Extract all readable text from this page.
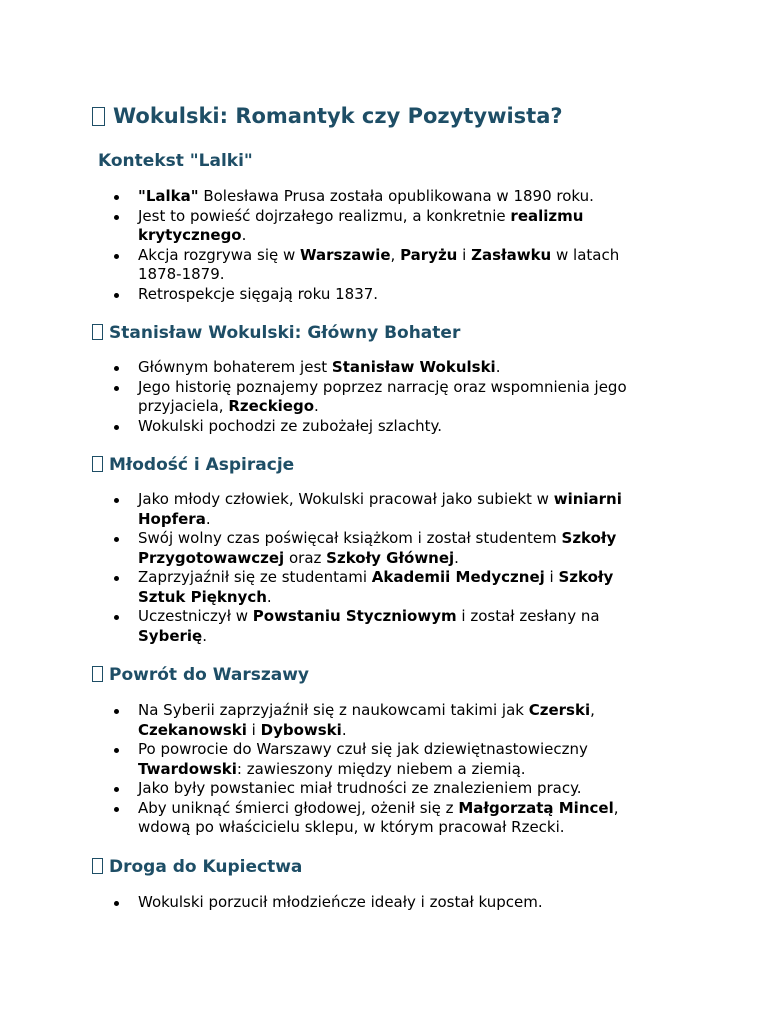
Wokulski: Romantyk czy Pozytywista?
Kontekst "Lalki"
"Lalka" Bolesława Prusa została opublikowana w 1890 roku.
Jest to powieść dojrzałego realizmu, a konkretnie realizmu krytycznego.
Akcja rozgrywa się w Warszawie, Paryżu i Zasławku w latach 1878-1879.
Retrospekcje sięgają roku 1837.
Stanisław Wokulski: Główny Bohater
Głównym bohaterem jest Stanisław Wokulski.
Jego historię poznajemy poprzez narrację oraz wspomnienia jego przyjaciela, Rzeckiego.
Wokulski pochodzi ze zubożałej szlachty.
Młodość i Aspiracje
Jako młody człowiek, Wokulski pracował jako subiekt w winiarni Hopfera.
Swój wolny czas poświęcał książkom i został studentem Szkoły Przygotowawczej oraz Szkoły Głównej.
Zaprzyjaźnił się ze studentami Akademii Medycznej i Szkoły Sztuk Pięknych.
Uczestniczył w Powstaniu Styczniowym i został zesłany na Syberię.
Powrót do Warszawy
Na Syberii zaprzyjaźnił się z naukowcami takimi jak Czerski, Czekanowski i Dybowski.
Po powrocie do Warszawy czuł się jak dziewiętnastowieczny Twardowski: zawieszony między niebem a ziemią.
Jako były powstaniec miał trudności ze znalezieniem pracy.
Aby uniknąć śmierci głodowej, ożenił się z Małgorzatą Mincel, wdową po właścicielu sklepu, w którym pracował Rzecki.
Droga do Kupiectwa
Wokulski porzucił młodzieńcze ideały i został kupcem.
